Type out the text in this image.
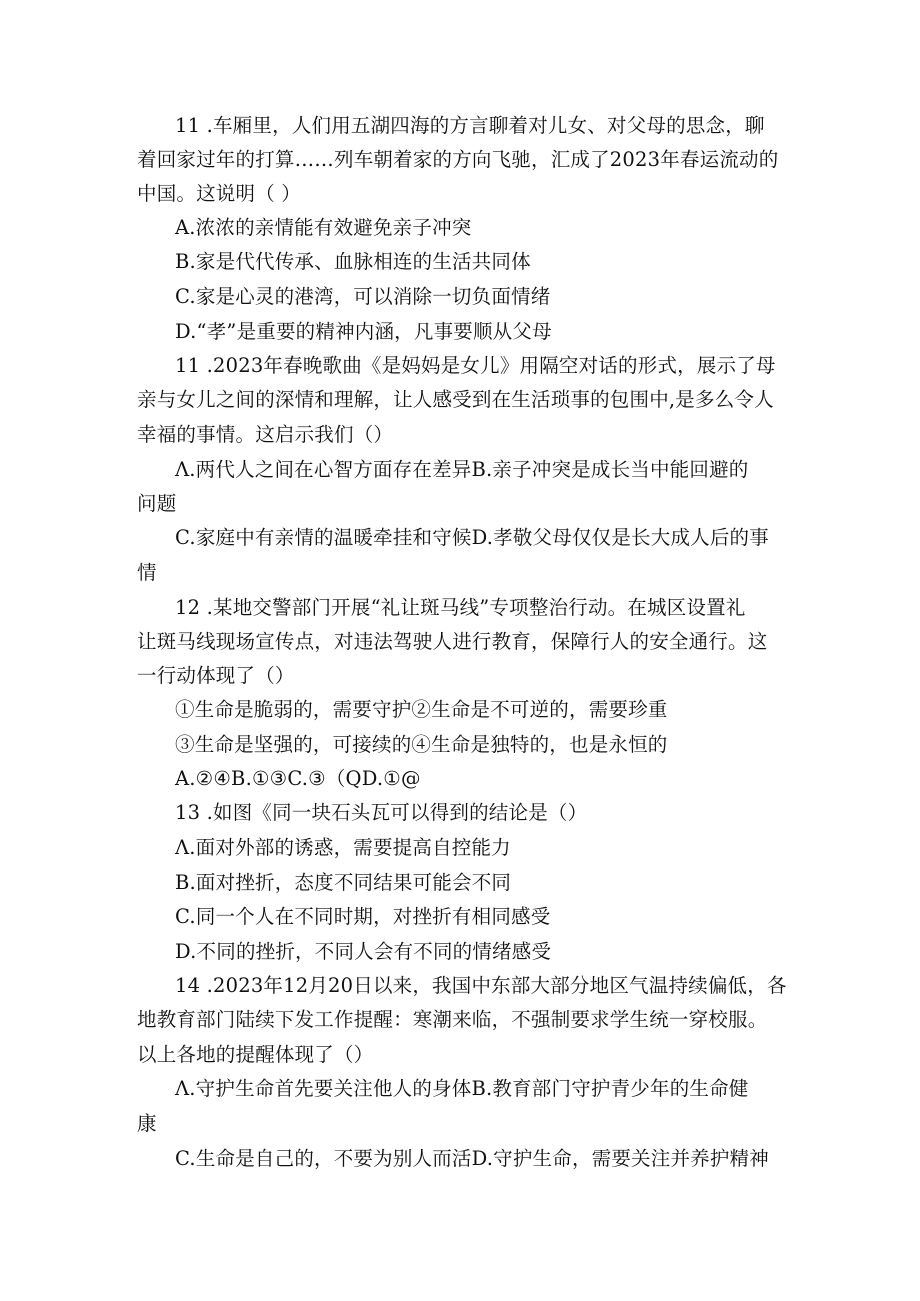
11 .车厢里，人们用五湖四海的方言聊着对儿女、对父母的思念，聊
着回家过年的打算……列车朝着家的方向飞驰，汇成了2023年春运流动的
中国。这说明（ ）
A.浓浓的亲情能有效避免亲子冲突
B.家是代代传承、血脉相连的生活共同体
C.家是心灵的港湾，可以消除一切负面情绪
D.“孝”是重要的精神内涵，凡事要顺从父母
11 .2023年春晚歌曲《是妈妈是女儿》用隔空对话的形式，展示了母
亲与女儿之间的深情和理解，让人感受到在生活琐事的包围中,是多么令人
幸福的事情。这启示我们（）
Λ.两代人之间在心智方面存在差异B.亲子冲突是成长当中能回避的
问题
C.家庭中有亲情的温暖牵挂和守候D.孝敬父母仅仅是长大成人后的事
情
12 .某地交警部门开展“礼让斑马线”专项整治行动。在城区设置礼
让斑马线现场宣传点，对违法驾驶人进行教育，保障行人的安全通行。这
一行动体现了（）
①生命是脆弱的，需要守护②生命是不可逆的，需要珍重
③生命是坚强的，可接续的④生命是独特的，也是永恒的
A.②④B.①③C.③（QD.①@
13 .如图《同一块石头瓦可以得到的结论是（）
Λ.面对外部的诱惑，需要提高自控能力
B.面对挫折，态度不同结果可能会不同
C.同一个人在不同时期，对挫折有相同感受
D.不同的挫折，不同人会有不同的情绪感受
14 .2023年12月20日以来，我国中东部大部分地区气温持续偏低，各
地教育部门陆续下发工作提醒：寒潮来临，不强制要求学生统一穿校服。
以上各地的提醒体现了（）
Λ.守护生命首先要关注他人的身体B.教育部门守护青少年的生命健
康
C.生命是自己的，不要为别人而活D.守护生命，需要关注并养护精神
